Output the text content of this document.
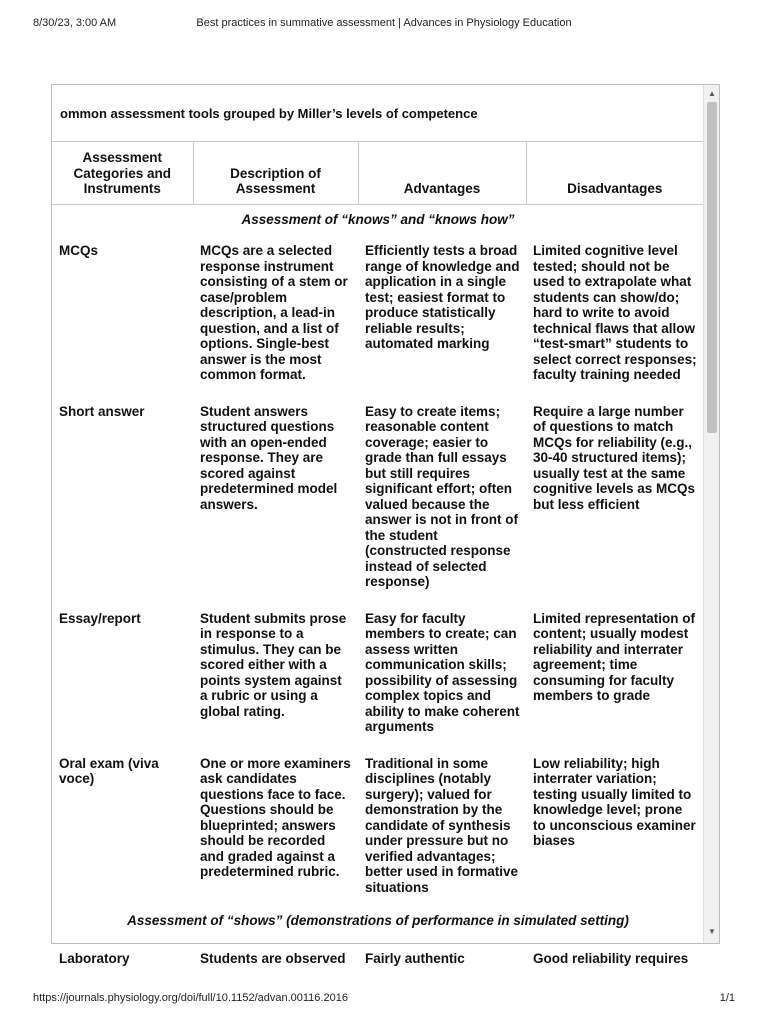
8/30/23, 3:00 AM	Best practices in summative assessment | Advances in Physiology Education
ommon assessment tools grouped by Miller’s levels of competence
Assessment Categories and Instruments	Description of Assessment	Advantages	Disadvantages
Assessment of “knows” and “knows how”			
MCQs	MCQs are a selected response instrument consisting of a stem or case/problem description, a lead-in question, and a list of options. Single-best answer is the most common format.	Efficiently tests a broad range of knowledge and application in a single test; easiest format to produce statistically reliable results; automated marking	Limited cognitive level tested; should not be used to extrapolate what students can show/do; hard to write to avoid technical flaws that allow “test-smart” students to select correct responses; faculty training needed
Short answer	Student answers structured questions with an open-ended response. They are scored against predetermined model answers.	Easy to create items; reasonable content coverage; easier to grade than full essays but still requires significant effort; often valued because the answer is not in front of the student (constructed response instead of selected response)	Require a large number of questions to match MCQs for reliability (e.g., 30-40 structured items); usually test at the same cognitive levels as MCQs but less efficient
Essay/report	Student submits prose in response to a stimulus. They can be scored either with a points system against a rubric or using a global rating.	Easy for faculty members to create; can assess written communication skills; possibility of assessing complex topics and ability to make coherent arguments	Limited representation of content; usually modest reliability and interrater agreement; time consuming for faculty members to grade
Oral exam (viva voce)	One or more examiners ask candidates questions face to face. Questions should be blueprinted; answers should be recorded and graded against a predetermined rubric.	Traditional in some disciplines (notably surgery); valued for demonstration by the candidate of synthesis under pressure but no verified advantages; better used in formative situations	Low reliability; high interrater variation; testing usually limited to knowledge level; prone to unconscious examiner biases
Assessment of “shows” (demonstrations of performance in simulated setting)			
Laboratory	Students are observed	Fairly authentic	Good reliability requires
▲
▼
https://journals.physiology.org/doi/full/10.1152/advan.00116.2016	1/1
